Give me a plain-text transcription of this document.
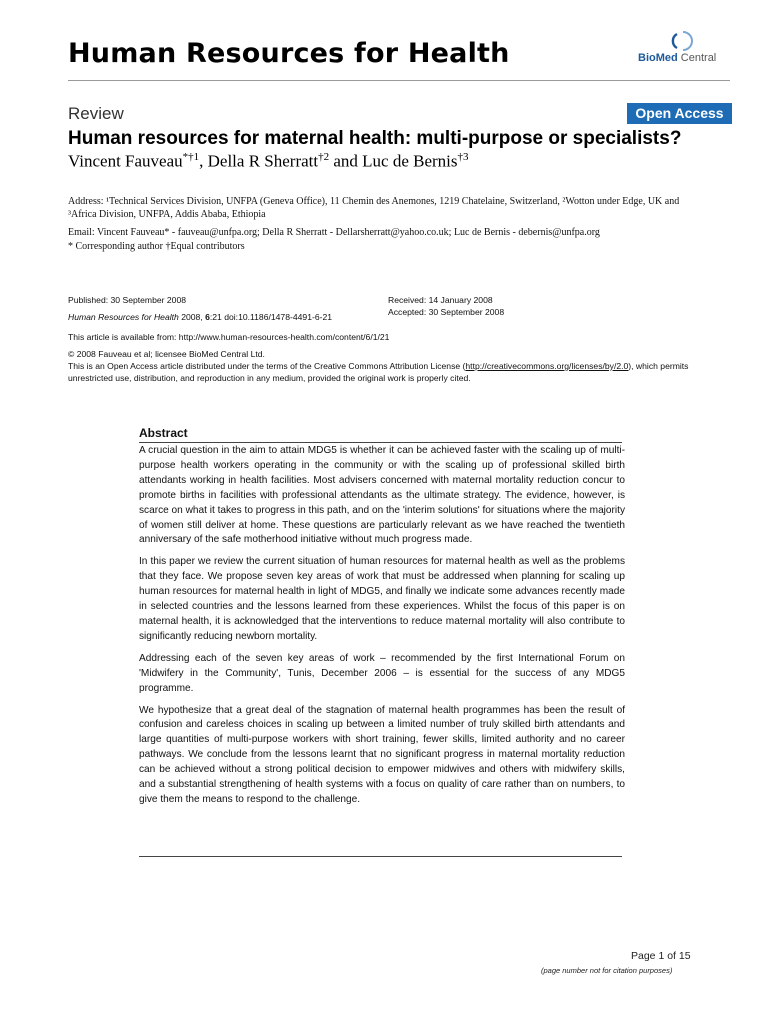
Human Resources for Health	BioMed Central
Review	Open Access
Human resources for maternal health: multi-purpose or specialists?
Vincent Fauveau$^{*\dagger 1}$, Della R Sherratt$^{\dagger 2}$ and Luc de Bernis$^{\dagger 3}$
Address: ¹Technical Services Division, UNFPA (Geneva Office), 11 Chemin des Anemones, 1219 Chatelaine, Switzerland, ²Wotton under Edge, UK and ³Africa Division, UNFPA, Addis Ababa, Ethiopia
Email: Vincent Fauveau* - fauveau@unfpa.org; Della R Sherratt - Dellarsherratt@yahoo.co.uk; Luc de Bernis - debernis@unfpa.org
* Corresponding author †Equal contributors
Published: 30 September 2008
Human Resources for Health 2008, 6:21 doi:10.1186/1478-4491-6-21
Received: 14 January 2008
Accepted: 30 September 2008
This article is available from: http://www.human-resources-health.com/content/6/1/21
© 2008 Fauveau et al; licensee BioMed Central Ltd.
This is an Open Access article distributed under the terms of the Creative Commons Attribution License (http://creativecommons.org/licenses/by/2.0), which permits unrestricted use, distribution, and reproduction in any medium, provided the original work is properly cited.
Abstract

A crucial question in the aim to attain MDG5 is whether it can be achieved faster with the scaling up of multi-purpose health workers operating in the community or with the scaling up of professional skilled birth attendants working in health facilities. Most advisers concerned with maternal mortality reduction concur to promote births in facilities with professional attendants as the ultimate strategy. The evidence, however, is scarce on what it takes to progress in this path, and on the 'interim solutions' for situations where the majority of women still deliver at home. These questions are particularly relevant as we have reached the twentieth anniversary of the safe motherhood initiative without much progress made.

In this paper we review the current situation of human resources for maternal health as well as the problems that they face. We propose seven key areas of work that must be addressed when planning for scaling up human resources for maternal health in light of MDG5, and finally we indicate some advances recently made in selected countries and the lessons learned from these experiences. Whilst the focus of this paper is on maternal health, it is acknowledged that the interventions to reduce maternal mortality will also contribute to significantly reducing newborn mortality.

Addressing each of the seven key areas of work – recommended by the first International Forum on 'Midwifery in the Community', Tunis, December 2006 – is essential for the success of any MDG5 programme.

We hypothesize that a great deal of the stagnation of maternal health programmes has been the result of confusion and careless choices in scaling up between a limited number of truly skilled birth attendants and large quantities of multi-purpose workers with short training, fewer skills, limited authority and no career pathways. We conclude from the lessons learnt that no significant progress in maternal mortality reduction can be achieved without a strong political decision to empower midwives and others with midwifery skills, and a substantial strengthening of health systems with a focus on quality of care rather than on numbers, to give them the means to respond to the challenge.

Page 1 of 15
(page number not for citation purposes)
